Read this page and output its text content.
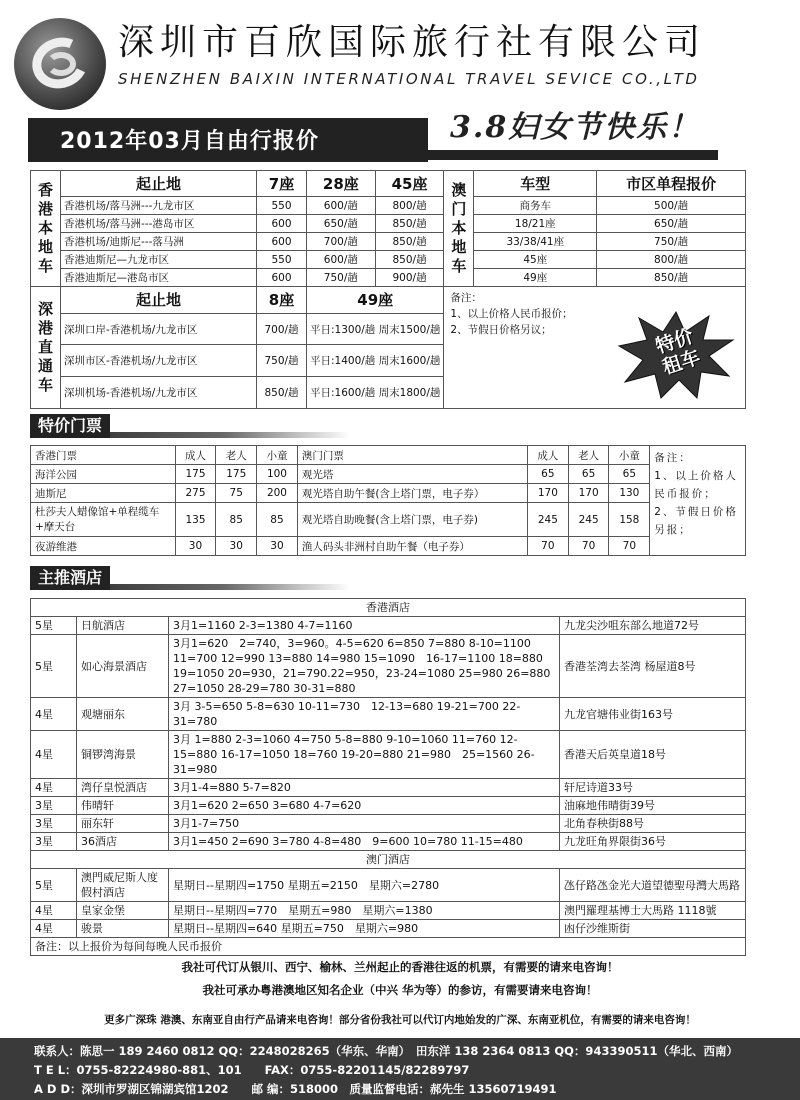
深圳市百欣国际旅行社有限公司
SHENZHEN BAIXIN INTERNATIONAL TRAVEL SEVICE CO.,LTD
2012年03月自由行报价	3.8妇女节快乐！
香港本地车	起止地	7座	28座	45座	澳门本地车	车型	市区单程报价
	香港机场/落马洲---九龙市区	550	600/趟	800/趟		商务车	500/趟
	香港机场/落马洲---港岛市区	600	650/趟	850/趟		18/21座	650/趟
	香港机场/迪斯尼---落马洲	600	700/趟	850/趟		33/38/41座	750/趟
	香港迪斯尼—九龙市区	550	600/趟	850/趟		45座	800/趟
	香港迪斯尼—港岛市区	600	750/趟	900/趟		49座	850/趟
深港直通车	起止地	8座	49座		备注：
1、以上价格人民币报价；
2、节假日价格另议； 特价租车		

	深圳口岸-香港机场/九龙市区	700/趟	平日:1300/趟 周末1500/趟				
	深圳市区-香港机场/九龙市区	750/趟	平日:1400/趟 周末1600/趟				
	深圳机场-香港机场/九龙市区	850/趟	平日:1600/趟 周末1800/趟				
特价门票
香港门票	成人	老人	小童	澳门门票	成人	老人	小童	备注：
1、以上价格人民币报价；
2、节假日价格另报；

海洋公园	175	175	100	观光塔	65	65	65	
迪斯尼	275	75	200	观光塔自助午餐(含上塔门票，电子券）	170	170	130	
杜莎夫人蜡像馆+单程缆车+摩天台	135	85	85	观光塔自助晚餐(含上塔门票，电子券)	245	245	158	
夜游维港	30	30	30	渔人码头非洲村自助午餐（电子券）	70	70	70	
主推酒店
香港酒店			
5星	日航酒店	3月1=1160 2-3=1380 4-7=1160	九龙尖沙咀东部么地道72号
5星	如心海景酒店	3月1=620　2=740，3=960。4-5=620 6=850 7=880 8-10=1100 11=700 12=990 13=880 14=980 15=1090　16-17=1100 18=880 19=1050 20=930，21=790.22=950，23-24=1080 25=980 26=880 27=1050 28-29=780 30-31=880	香港荃湾去荃湾 杨屋道8号
4星	观塘丽东	3月 3-5=650 5-8=630 10-11=730　12-13=680 19-21=700 22-31=780	九龙官塘伟业街163号
4星	铜锣湾海景	3月 1=880 2-3=1060 4=750 5-8=880 9-10=1060 11=760 12-15=880 16-17=1050 18=760 19-20=880 21=980　25=1560 26-31=980	香港天后英皇道18号
4星	湾仔皇悦酒店	3月1-4=880 5-7=820	轩尼诗道33号
3星	伟晴轩	3月1=620 2=650 3=680 4-7=620	油麻地伟晴街39号
3星	丽东轩	3月1-7=750	北角春秧街88号
3星	36酒店	3月1=450 2=690 3=780 4-8=480　9=600 10=780 11-15=480	九龙旺角界限街36号
澳门酒店			
5星	澳門威尼斯人度假村酒店	星期日--星期四=1750 星期五=2150　星期六=2780	氹仔路氹金光大道望德聖母灣大馬路
4星	皇家金堡	星期日--星期四=770　星期五=980　星期六=1380	澳門羅理基博士大馬路 1118號
4星	骏景	星期日--星期四=640 星期五=750　星期六=980	凼仔沙维斯街
备注：以上报价为每间每晚人民币报价			
我社可代订从银川、西宁、榆林、兰州起止的香港往返的机票，有需要的请来电咨询！
我社可承办粤港澳地区知名企业（中兴 华为等）的参访，有需要请来电咨询！
更多广深珠 港澳、东南亚自由行产品请来电咨询！部分省份我社可以代订内地始发的广深、东南亚机位，有需要的请来电咨询！
联系人：陈思一 189 2460 0812 QQ：2248028265（华东、华南）　田东洋 138 2364 0813 QQ：943390511（华北、西南）
T E L：0755-82224980-881、101　　FAX：0755-82201145/82289797
A D D：深圳市罗湖区锦湖宾馆1202　　邮 编：518000　质量监督电话：郝先生 13560719491
